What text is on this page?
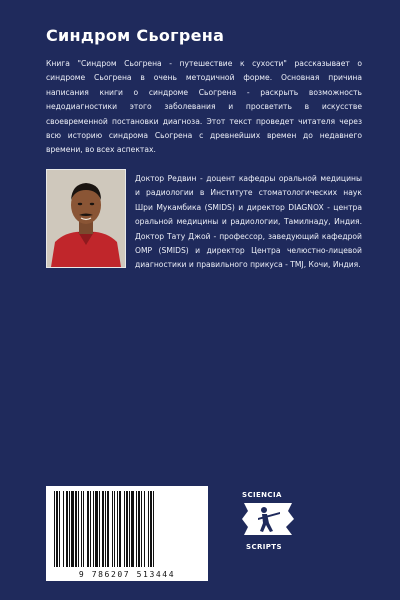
Синдром Сьогрена
Книга "Синдром Сьогрена - путешествие к сухости" рассказывает о синдроме Сьогрена в очень методичной форме. Основная причина написания книги о синдроме Сьогрена - раскрыть возможность недодиагностики этого заболевания и просветить в искусстве своевременной постановки диагноза. Этот текст проведет читателя через всю историю синдрома Сьогрена с древнейших времен до недавнего времени, во всех аспектах.
Доктор Редвин - доцент кафедры оральной медицины и радиологии в Институте стоматологических наук Шри Мукамбика (SMIDS) и директор DIAGNOX - центра оральной медицины и радиологии, Тамилнаду, Индия. Доктор Тату Джой - профессор, заведующий кафедрой ОМР (SMIDS) и директор Центра челюстно-лицевой диагностики и правильного прикуса - TMJ, Кочи, Индия.
9 786207 513444
SCIENCIA
SCRIPTS
